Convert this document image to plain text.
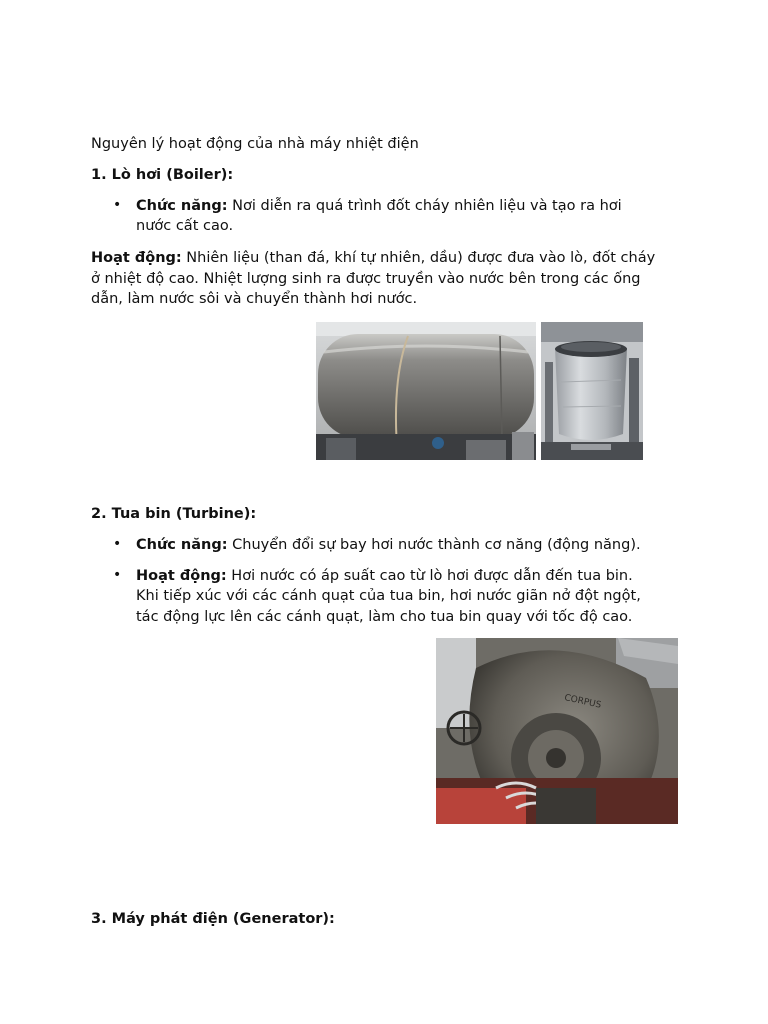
Nguyên lý hoạt động của nhà máy nhiệt điện
1. Lò hơi (Boiler):
• Chức năng: Nơi diễn ra quá trình đốt cháy nhiên liệu và tạo ra hơi
nước cất cao.
Hoạt động: Nhiên liệu (than đá, khí tự nhiên, dầu) được đưa vào lò, đốt cháy
ở nhiệt độ cao. Nhiệt lượng sinh ra được truyền vào nước bên trong các ống
dẫn, làm nước sôi và chuyển thành hơi nước.
2. Tua bin (Turbine):
• Chức năng: Chuyển đổi sự bay hơi nước thành cơ năng (động năng).
• Hoạt động: Hơi nước có áp suất cao từ lò hơi được dẫn đến tua bin.
Khi tiếp xúc với các cánh quạt của tua bin, hơi nước giãn nở đột ngột,
tác động lực lên các cánh quạt, làm cho tua bin quay với tốc độ cao.
CORPUS
3. Máy phát điện (Generator):
